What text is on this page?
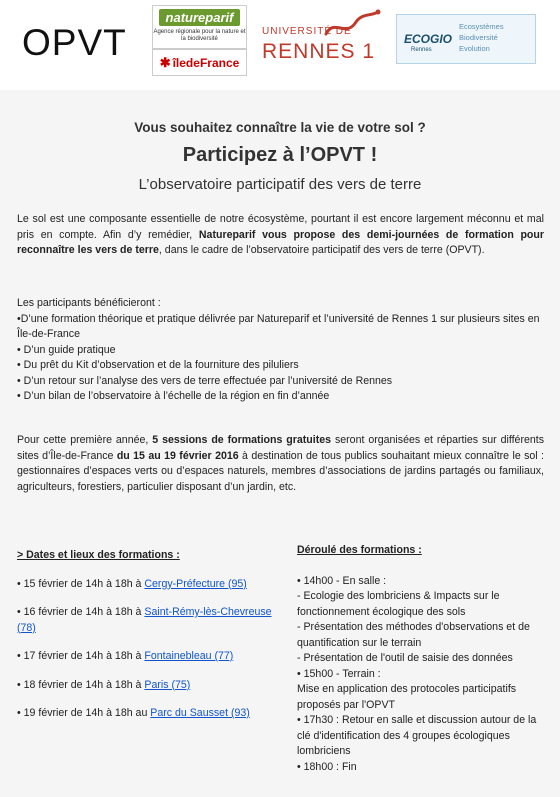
OPVT
natureparif
Agence régionale pour la nature et la biodiversité
✱ îledeFrance
UNIVERSITÉ DE
RENNES 1
ECOGIO
Rennes
Ecosystèmes
Biodiversité
Evolution
Vous souhaitez connaître la vie de votre sol ?
Participez à l’OPVT !
L’observatoire participatif des vers de terre

Le sol est une composante essentielle de notre écosystème, pourtant il est encore largement méconnu et mal pris en compte. Afin d’y remédier, Natureparif vous propose des demi-journées de formation pour reconnaître les vers de terre, dans le cadre de l’observatoire participatif des vers de terre (OPVT).

Les participants bénéficieront :
•D’une formation théorique et pratique délivrée par Natureparif et l’université de Rennes 1 sur plusieurs sites en Île-de-France
• D’un guide pratique
• Du prêt du Kit d’observation et de la fourniture des piluliers
• D’un retour sur l’analyse des vers de terre effectuée par l’université de Rennes
• D’un bilan de l’observatoire à l’échelle de la région en fin d’année

Pour cette première année, 5 sessions de formations gratuites seront organisées et réparties sur différents sites d’Île-de-France du 15 au 19 février 2016 à destination de tous publics souhaitant mieux connaître le sol : gestionnaires d’espaces verts ou d’espaces naturels, membres d’associations de jardins partagés ou familiaux, agriculteurs, forestiers, particulier disposant d’un jardin, etc.

> Dates et lieux des formations :
• 15 février de 14h à 18h à Cergy-Préfecture (95)
• 16 février de 14h à 18h à Saint-Rémy-lès-Chevreuse (78)
• 17 février de 14h à 18h à Fontainebleau (77)
• 18 février de 14h à 18h à Paris (75)
• 19 février de 14h à 18h au Parc du Sausset (93)
Déroulé des formations :
• 14h00 - En salle :
- Ecologie des lombriciens & Impacts sur le fonctionnement écologique des sols
- Présentation des méthodes d'observations et de quantification sur le terrain
- Présentation de l'outil de saisie des données
• 15h00 - Terrain :
Mise en application des protocoles participatifs proposés par l'OPVT
• 17h30 : Retour en salle et discussion autour de la clé d'identification des 4 groupes écologiques lombriciens
• 18h00 : Fin
